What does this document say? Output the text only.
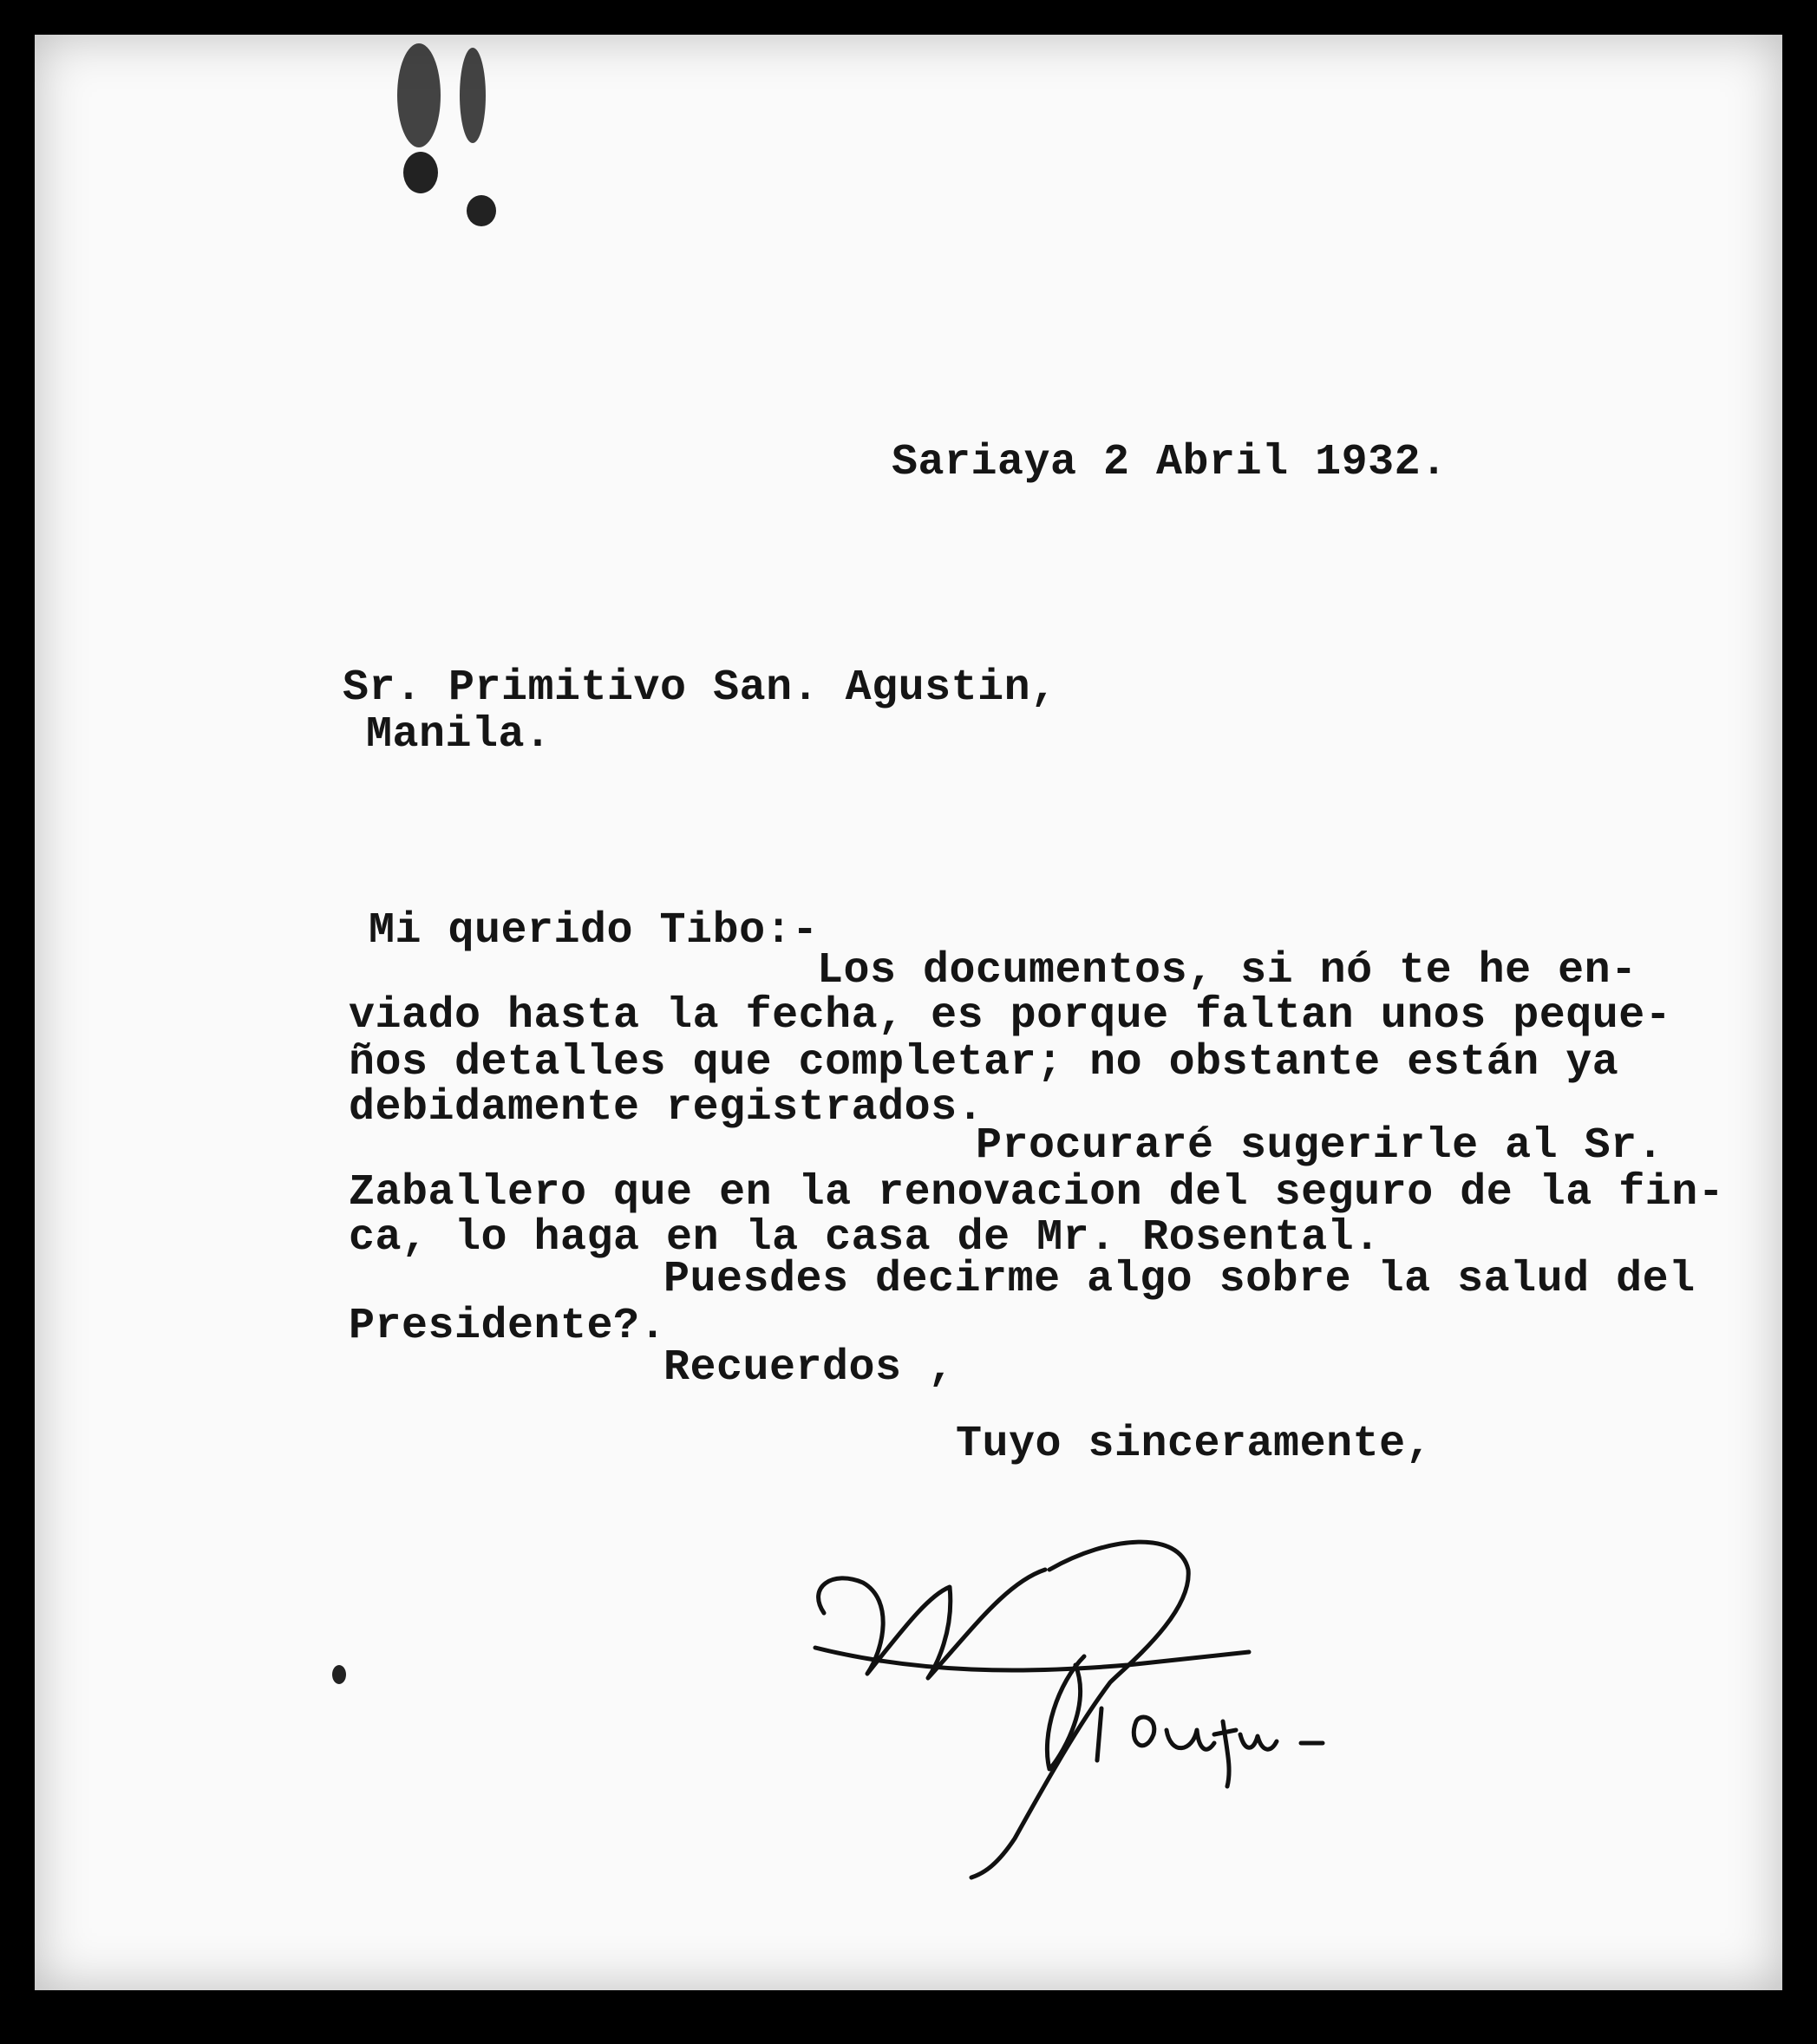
Sariaya 2 Abril 1932.
Sr. Primitivo San. Agustin,
Manila.
Mi querido Tibo:-
Los documentos, si nó te he en-
viado hasta la fecha, es porque faltan unos peque-
ños detalles que completar; no obstante están ya
debidamente registrados.
Procuraré sugerirle al Sr.
Zaballero que en la renovacion del seguro de la fin-
ca, lo haga en la casa de Mr. Rosental.
Puesdes decirme algo sobre la salud del
Presidente?.
Recuerdos ,
Tuyo sinceramente,
